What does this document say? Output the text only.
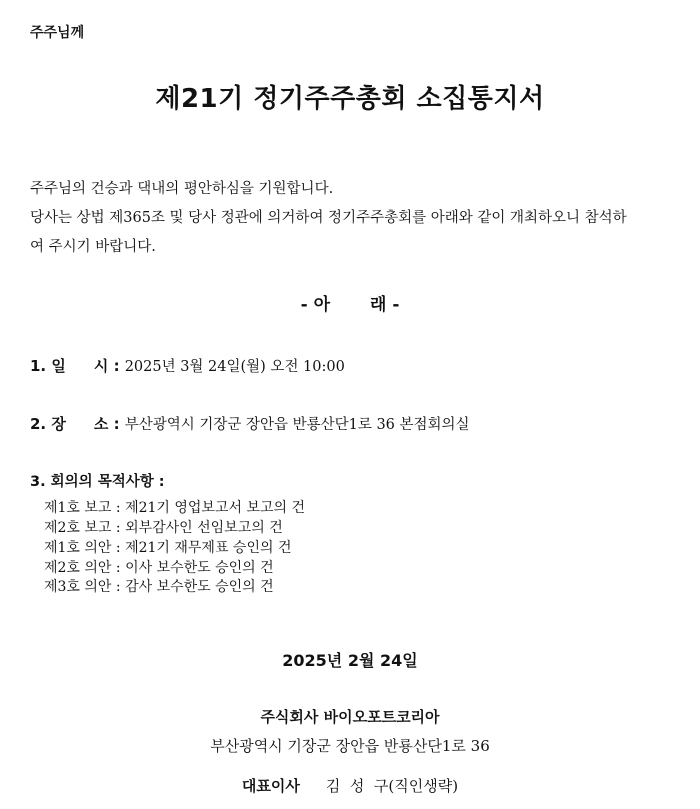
주주님께
제21기 정기주주총회 소집통지서
주주님의 건승과 댁내의 평안하심을 기원합니다.
당사는 상법 제365조 및 당사 정관에 의거하여 정기주주총회를 아래와 같이 개최하오니 참석하
여 주시기 바랍니다.
- 아 래 -
1. 일 시 : 2025년 3월 24일(월) 오전 10:00
2. 장 소 : 부산광역시 기장군 장안읍 반룡산단1로 36 본점회의실
3. 회의의 목적사항 :
제1호 보고 : 제21기 영업보고서 보고의 건
제2호 보고 : 외부감사인 선임보고의 건
제1호 의안 : 제21기 재무제표 승인의 건
제2호 의안 : 이사 보수한도 승인의 건
제3호 의안 : 감사 보수한도 승인의 건
2025년 2월 24일
주식회사 바이오포트코리아
부산광역시 기장군 장안읍 반룡산단1로 36
대표이사 김  성  구(직인생략)
